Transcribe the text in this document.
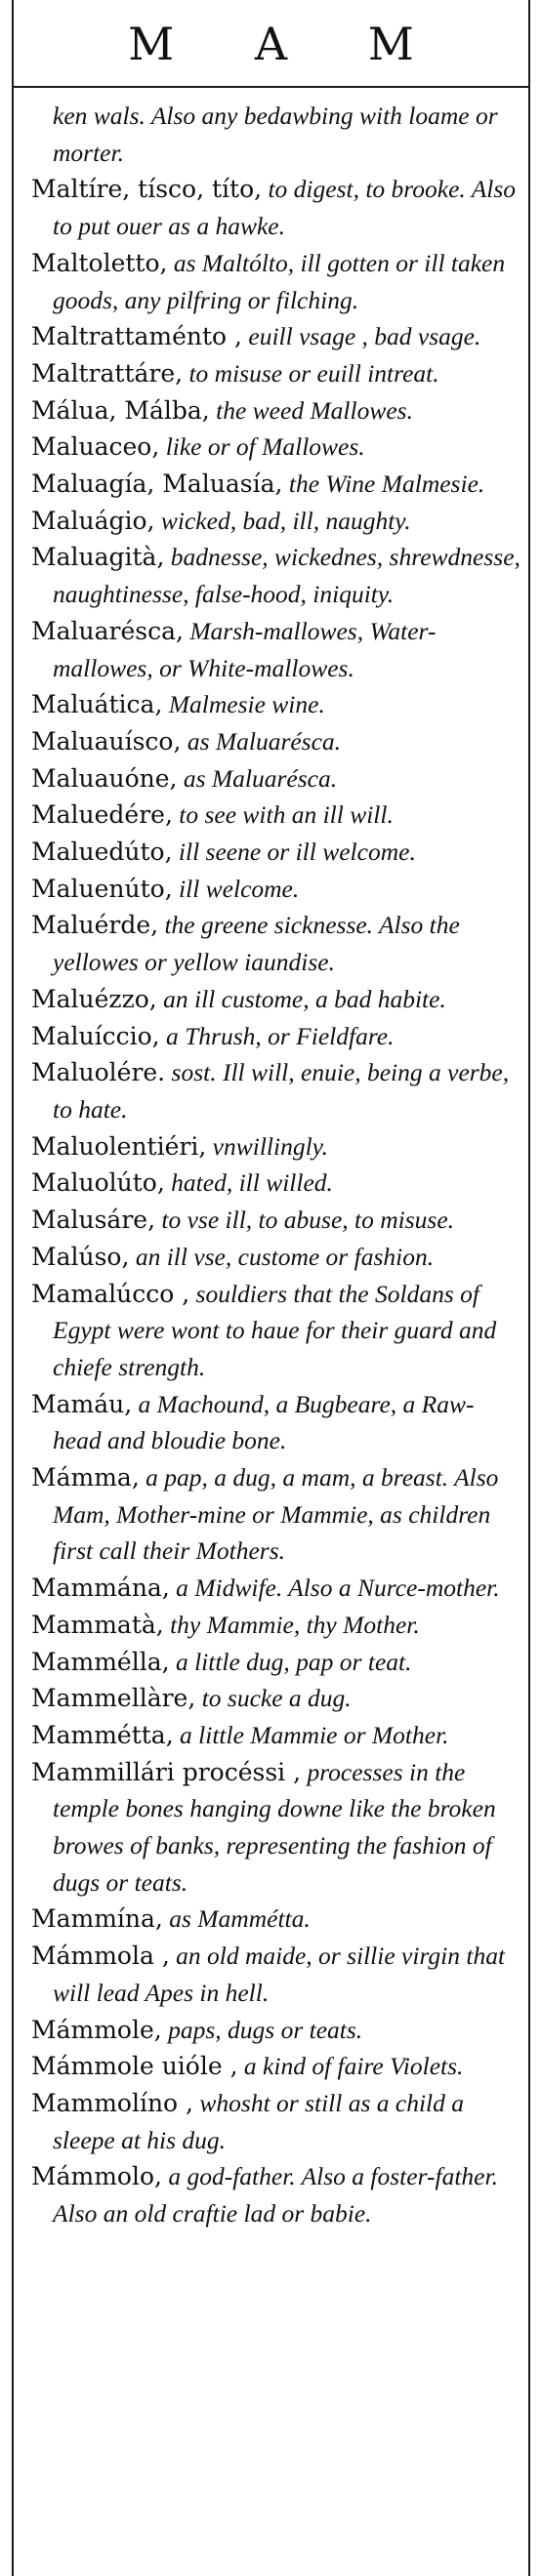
M A M

ken wals. Also any bedawbing with loame or morter.

Maltíre, tísco, títo, to digest, to brooke. Also to put ouer as a hawke.

Maltoletto, as Maltólto, ill gotten or ill taken goods, any pilfring or filching.

Maltrattaménto , euill vsage , bad vsage.

Maltrattáre, to misuse or euill intreat.

Málua, Málba, the weed Mallowes.

Maluaceo, like or of Mallowes.

Maluagía, Maluasía, the Wine Malmesie.

Maluágio, wicked, bad, ill, naughty.

Maluagità, badnesse, wickednes, shrewdnesse, naughtinesse, false-hood, iniquity.

Maluarésca, Marsh-mallowes, Water-mallowes, or White-mallowes.

Maluática, Malmesie wine.

Maluauísco, as Maluarésca.

Maluauóne, as Maluarésca.

Maluedére, to see with an ill will.

Maluedúto, ill seene or ill welcome.

Maluenúto, ill welcome.

Maluérde, the greene sicknesse. Also the yellowes or yellow iaundise.

Maluézzo, an ill custome, a bad habite.

Maluíccio, a Thrush, or Fieldfare.

Maluolére. sost. Ill will, enuie, being a verbe, to hate.

Maluolentiéri, vnwillingly.

Maluolúto, hated, ill willed.

Malusáre, to vse ill, to abuse, to misuse.

Malúso, an ill vse, custome or fashion.

Mamalúcco , souldiers that the Soldans of Egypt were wont to haue for their guard and chiefe strength.

Mamáu, a Machound, a Bugbeare, a Raw-head and bloudie bone.

Mámma, a pap, a dug, a mam, a breast. Also Mam, Mother-mine or Mammie, as children first call their Mothers.

Mammána, a Midwife. Also a Nurce-mother.

Mammatà, thy Mammie, thy Mother.

Mammélla, a little dug, pap or teat.

Mammellàre, to sucke a dug.

Mamméttа, a little Mammie or Mother.

Mammillári procéssi , processes in the temple bones hanging downe like the broken browes of banks, representing the fashion of dugs or teats.

Mammína, as Mamméttа.

Mámmola , an old maide, or sillie virgin that will lead Apes in hell.

Mámmole, paps, dugs or teats.

Mámmole uióle , a kind of faire Violets.

Mammolíno , whosht or still as a child a sleepe at his dug.

Mámmolo, a god-father. Also a foster-father. Also an old craftie lad or babie.
